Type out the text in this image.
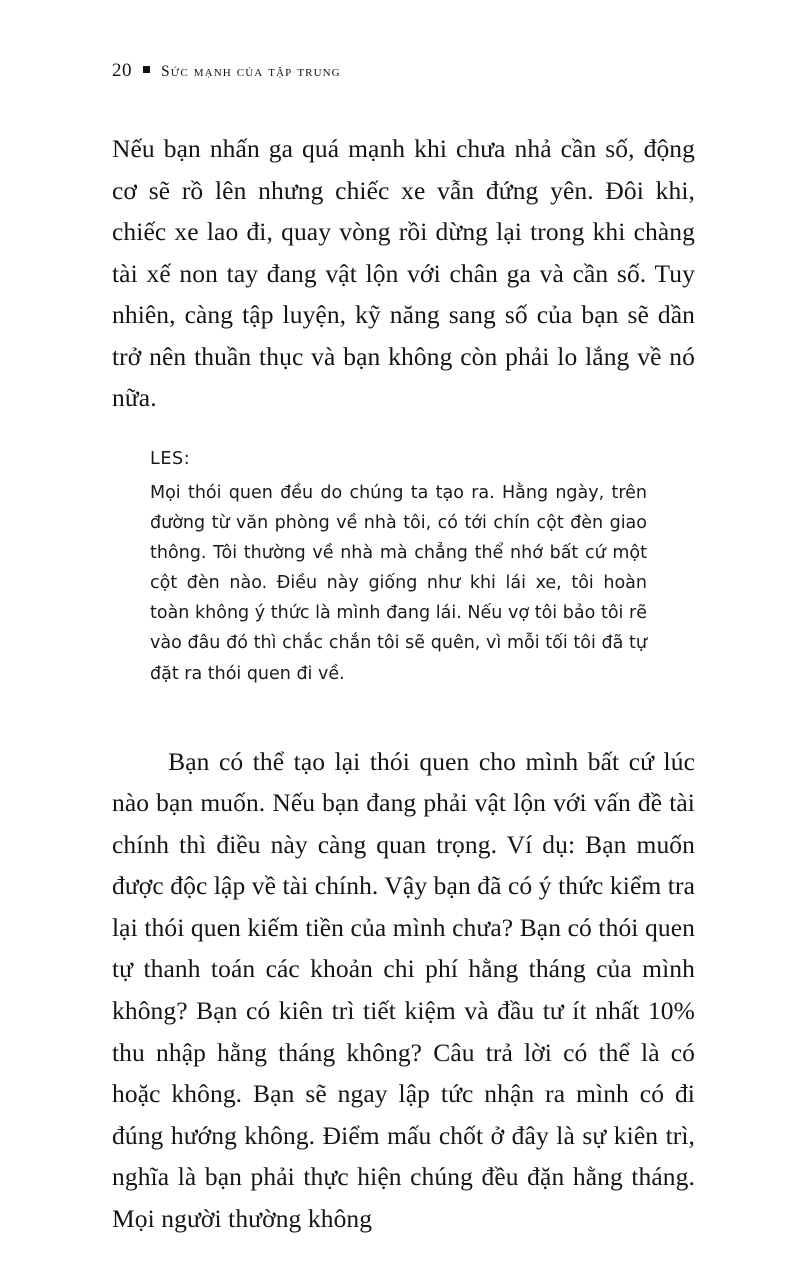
20 sức mạnh của tập trung

Nếu bạn nhấn ga quá mạnh khi chưa nhả cần số, động cơ sẽ rồ lên nhưng chiếc xe vẫn đứng yên. Đôi khi, chiếc xe lao đi, quay vòng rồi dừng lại trong khi chàng tài xế non tay đang vật lộn với chân ga và cần số. Tuy nhiên, càng tập luyện, kỹ năng sang số của bạn sẽ dần trở nên thuần thục và bạn không còn phải lo lắng về nó nữa.

LES:
Mọi thói quen đều do chúng ta tạo ra. Hằng ngày, trên đường từ văn phòng về nhà tôi, có tới chín cột đèn giao thông. Tôi thường về nhà mà chẳng thể nhớ bất cứ một cột đèn nào. Điều này giống như khi lái xe, tôi hoàn toàn không ý thức là mình đang lái. Nếu vợ tôi bảo tôi rẽ vào đâu đó thì chắc chắn tôi sẽ quên, vì mỗi tối tôi đã tự đặt ra thói quen đi về.

Bạn có thể tạo lại thói quen cho mình bất cứ lúc nào bạn muốn. Nếu bạn đang phải vật lộn với vấn đề tài chính thì điều này càng quan trọng. Ví dụ: Bạn muốn được độc lập về tài chính. Vậy bạn đã có ý thức kiểm tra lại thói quen kiếm tiền của mình chưa? Bạn có thói quen tự thanh toán các khoản chi phí hằng tháng của mình không? Bạn có kiên trì tiết kiệm và đầu tư ít nhất 10% thu nhập hằng tháng không? Câu trả lời có thể là có hoặc không. Bạn sẽ ngay lập tức nhận ra mình có đi đúng hướng không. Điểm mấu chốt ở đây là sự kiên trì, nghĩa là bạn phải thực hiện chúng đều đặn hằng tháng. Mọi người thường không
